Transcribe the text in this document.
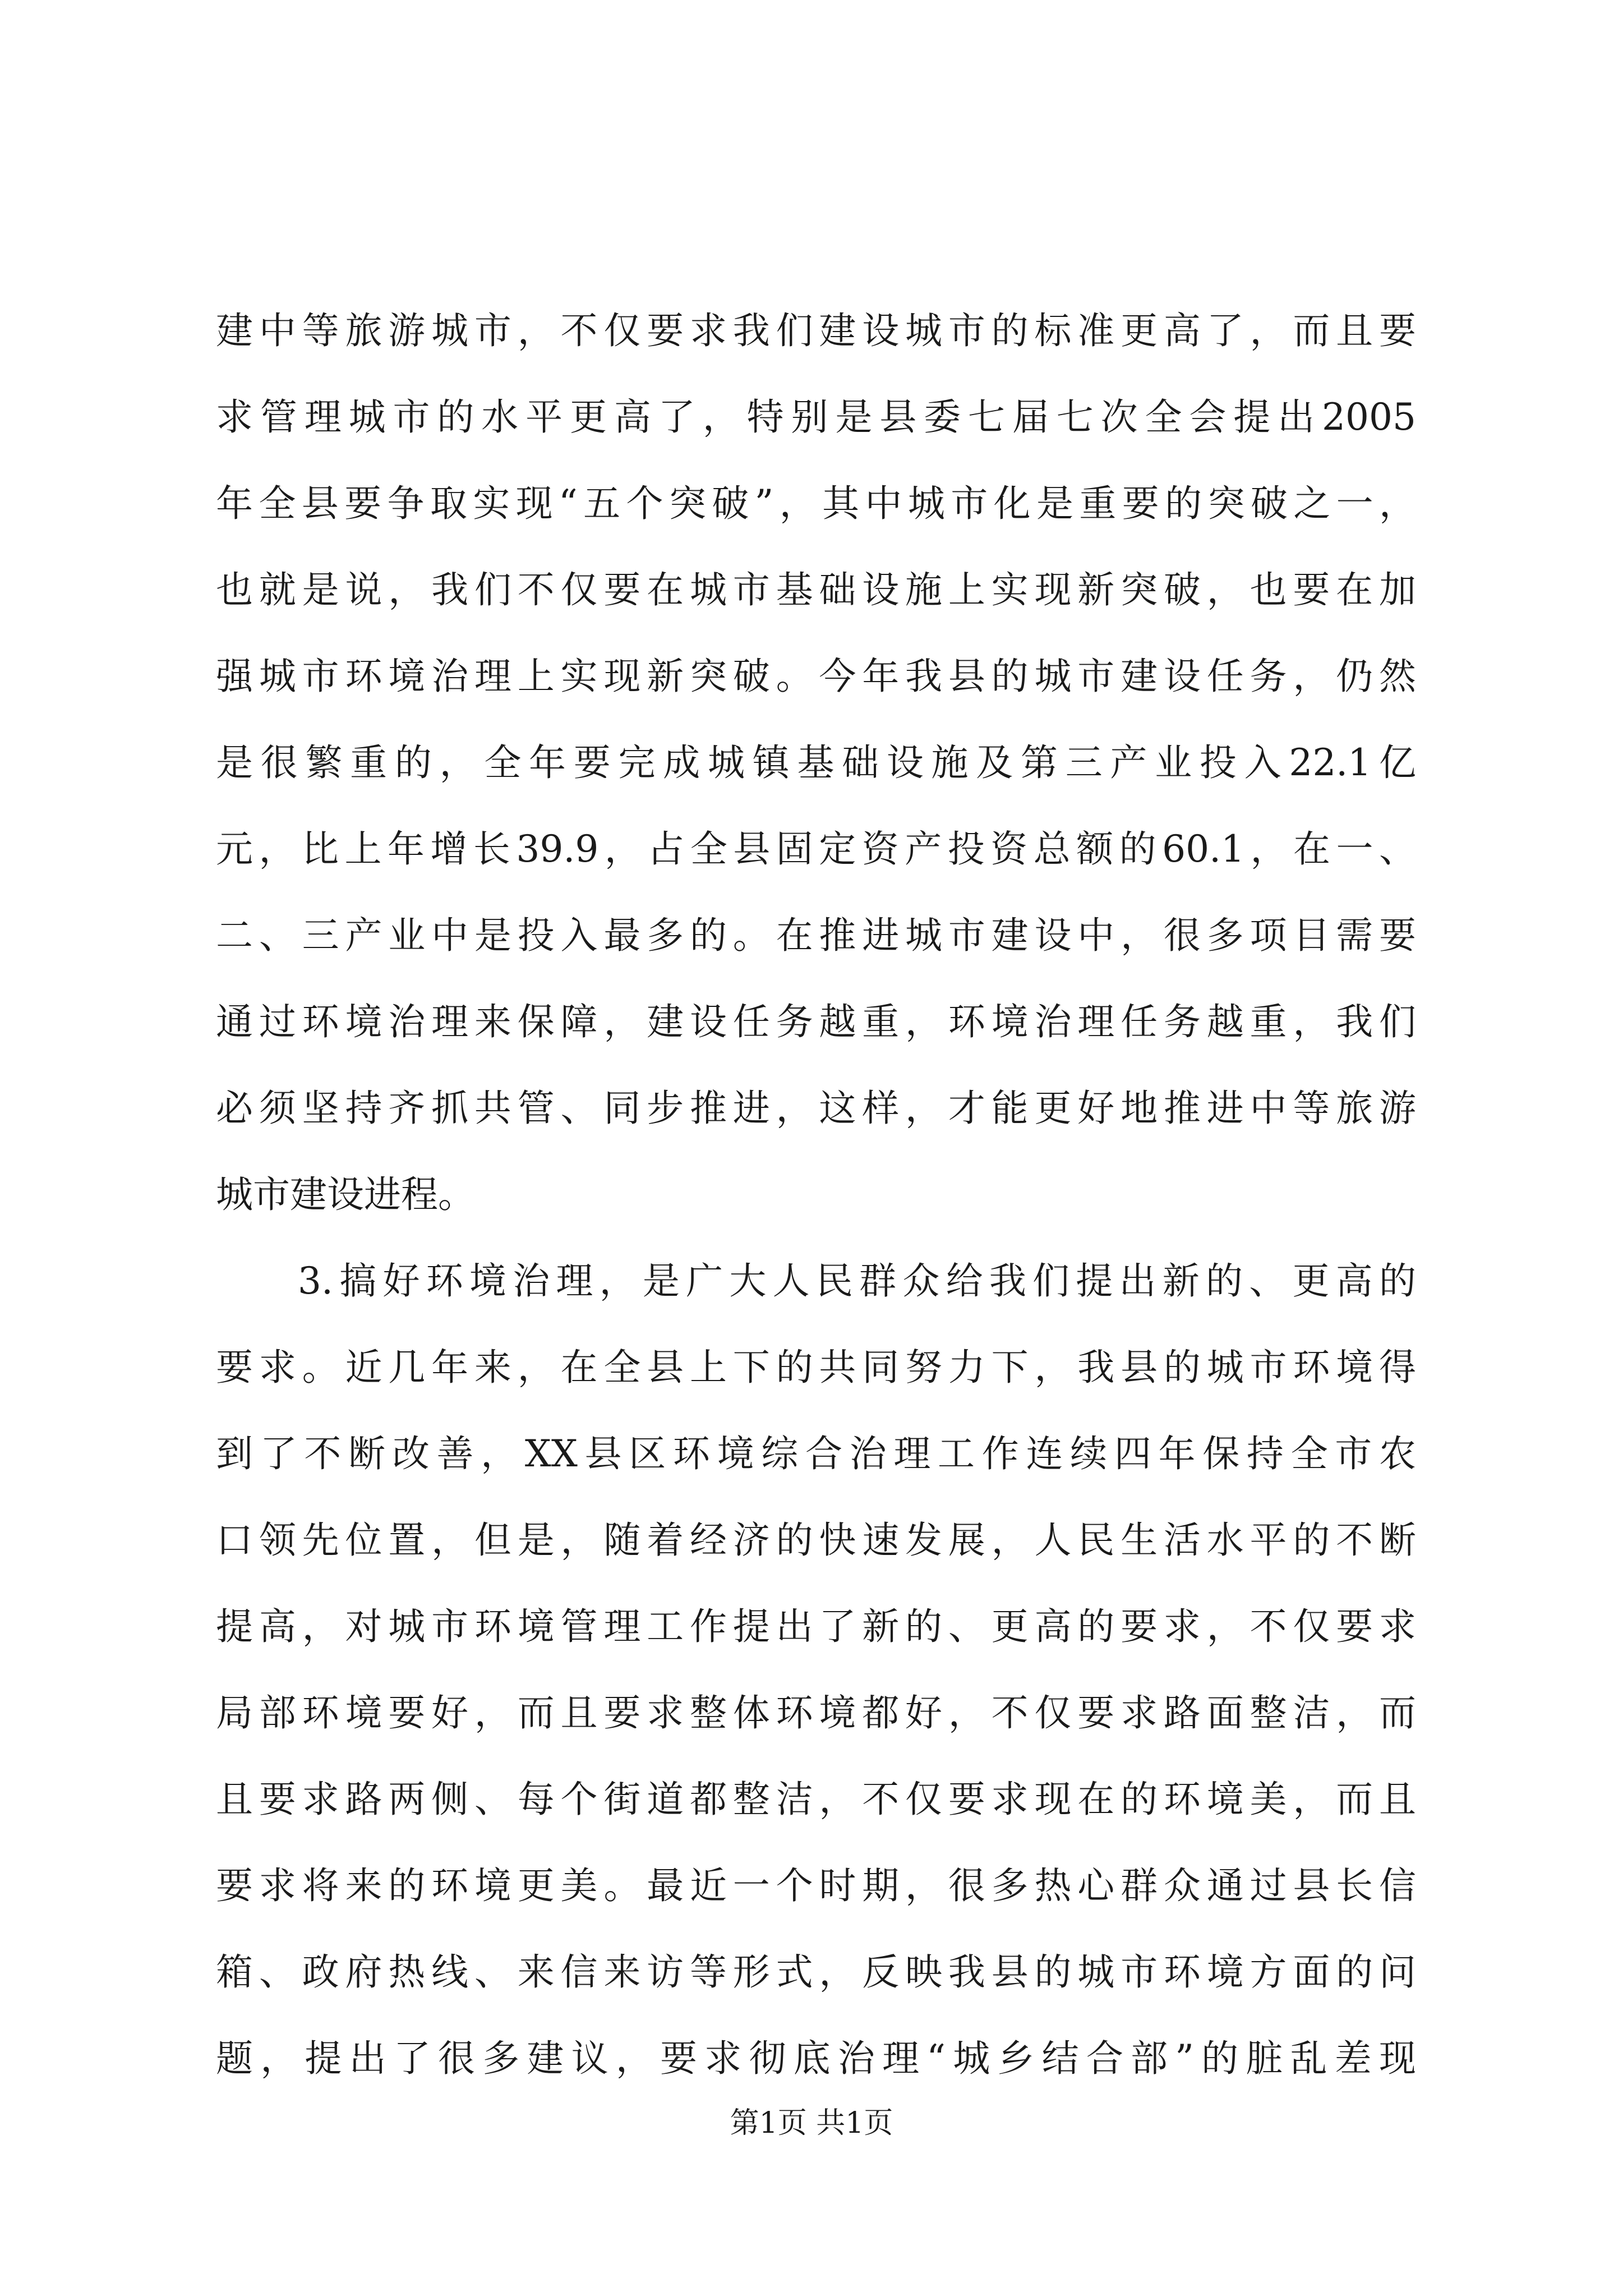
建中等旅游城市，不仅要求我们建设城市的标准更高了，而且要
求管理城市的水平更高了，特别是县委七届七次全会提出2005
年全县要争取实现“五个突破”，其中城市化是重要的突破之一，
也就是说，我们不仅要在城市基础设施上实现新突破，也要在加
强城市环境治理上实现新突破。今年我县的城市建设任务，仍然
是很繁重的，全年要完成城镇基础设施及第三产业投入22.1亿
元，比上年增长39.9，占全县固定资产投资总额的60.1，在一、
二、三产业中是投入最多的。在推进城市建设中，很多项目需要
通过环境治理来保障，建设任务越重，环境治理任务越重，我们
必须坚持齐抓共管、同步推进，这样，才能更好地推进中等旅游
城市建设进程。
3.搞好环境治理，是广大人民群众给我们提出新的、更高的
要求。近几年来，在全县上下的共同努力下，我县的城市环境得
到了不断改善，XX县区环境综合治理工作连续四年保持全市农
口领先位置，但是，随着经济的快速发展，人民生活水平的不断
提高，对城市环境管理工作提出了新的、更高的要求，不仅要求
局部环境要好，而且要求整体环境都好，不仅要求路面整洁，而
且要求路两侧、每个街道都整洁，不仅要求现在的环境美，而且
要求将来的环境更美。最近一个时期，很多热心群众通过县长信
箱、政府热线、来信来访等形式，反映我县的城市环境方面的问
题，提出了很多建议，要求彻底治理“城乡结合部”的脏乱差现
第1页 共1页
